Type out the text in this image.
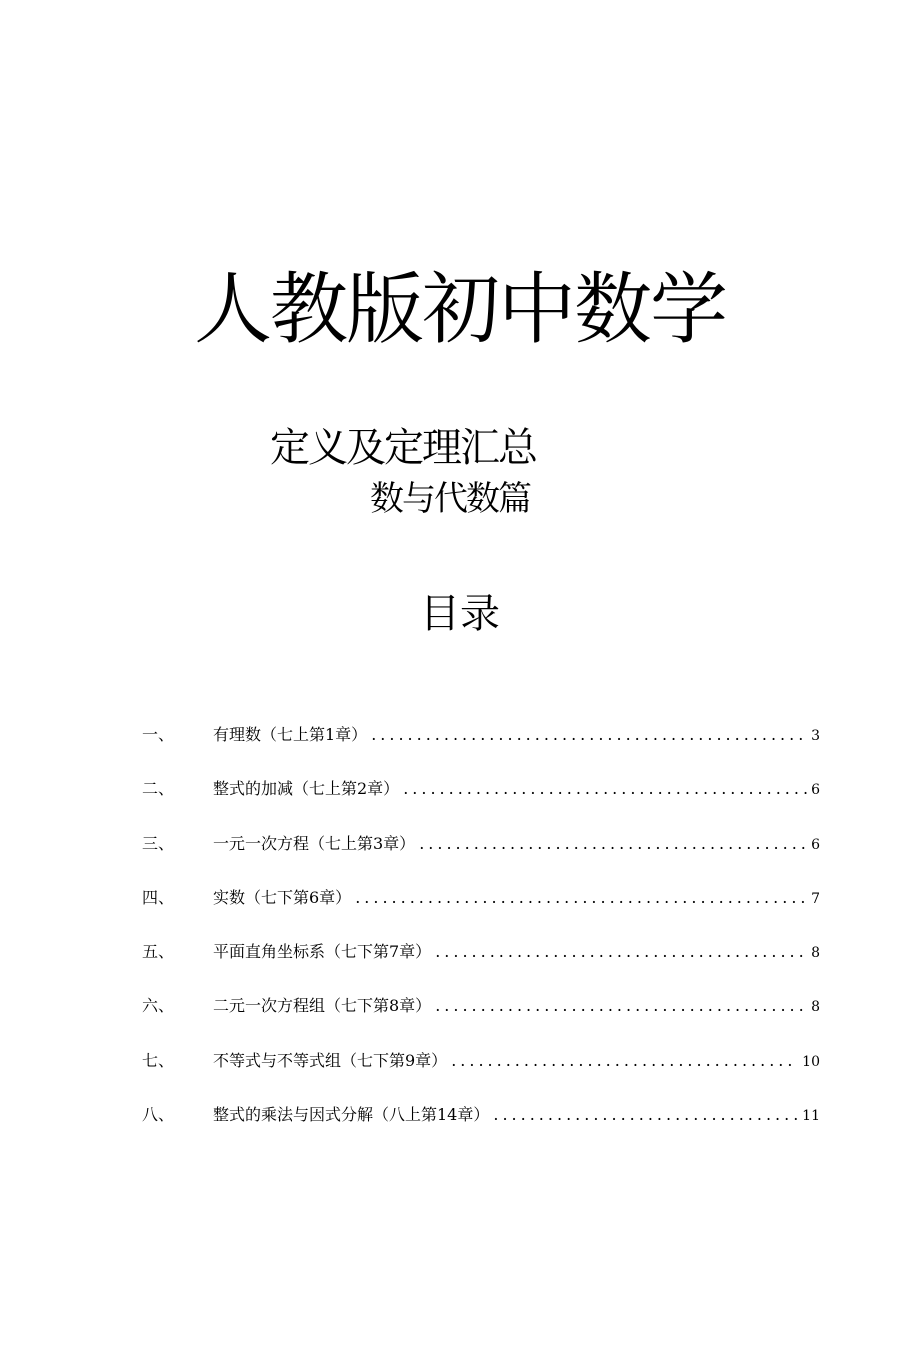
人教版初中数学
定义及定理汇总
数与代数篇
目录
一、	有理数（七上第1章） .....	3
二、	整式的加减（七上第2章） .....	6
三、	一元一次方程（七上第3章） .....	6
四、	实数（七下第6章） .....	7
五、	平面直角坐标系（七下第7章） .....	8
六、	二元一次方程组（七下第8章） .....	8
七、	不等式与不等式组（七下第9章） .....	10
八、	整式的乘法与因式分解（八上第14章） .....	11
